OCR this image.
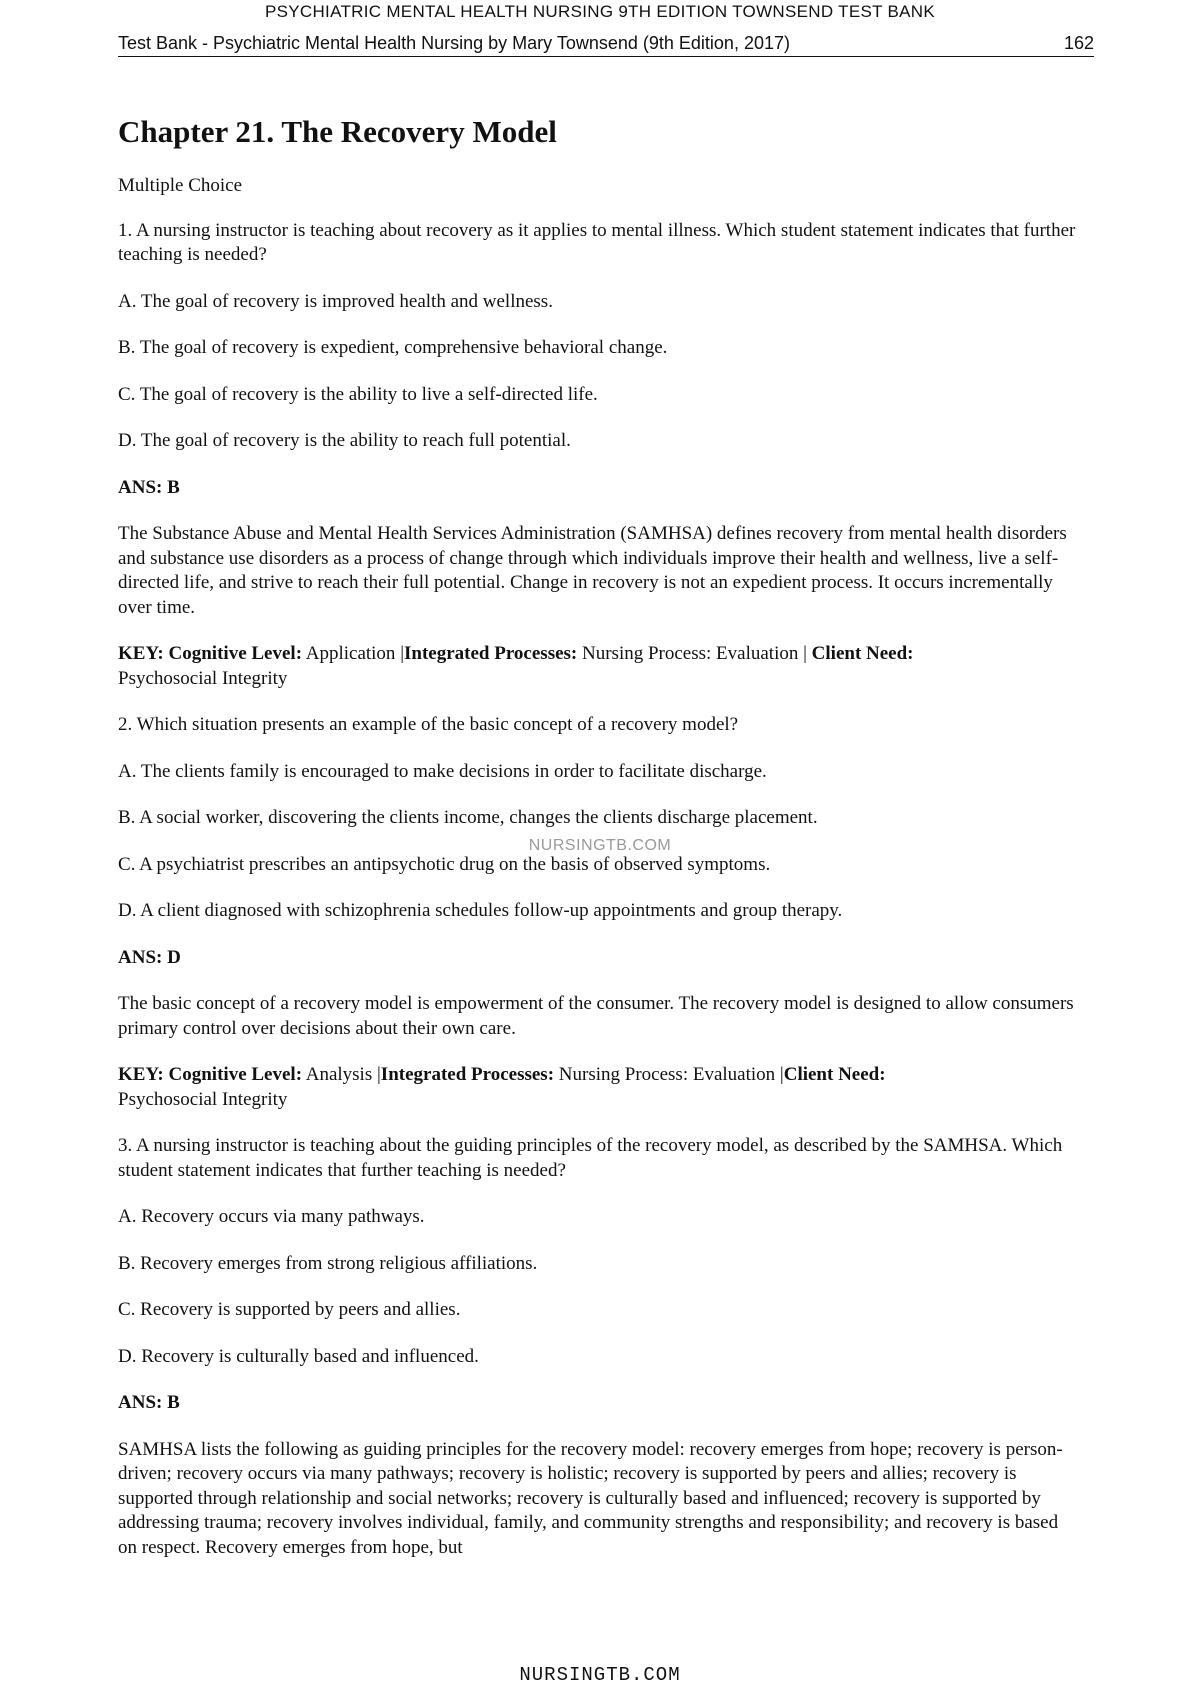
PSYCHIATRIC MENTAL HEALTH NURSING 9TH EDITION TOWNSEND TEST BANK
Test Bank - Psychiatric Mental Health Nursing by Mary Townsend (9th Edition, 2017)	162
Chapter 21. The Recovery Model

Multiple Choice

1. A nursing instructor is teaching about recovery as it applies to mental illness. Which student statement indicates that further teaching is needed?

A. The goal of recovery is improved health and wellness.

B. The goal of recovery is expedient, comprehensive behavioral change.

C. The goal of recovery is the ability to live a self-directed life.

D. The goal of recovery is the ability to reach full potential.

ANS: B

The Substance Abuse and Mental Health Services Administration (SAMHSA) defines recovery from mental health disorders and substance use disorders as a process of change through which individuals improve their health and wellness, live a self-directed life, and strive to reach their full potential. Change in recovery is not an expedient process. It occurs incrementally over time.

KEY: Cognitive Level: Application |Integrated Processes: Nursing Process: Evaluation | Client Need:
Psychosocial Integrity

2. Which situation presents an example of the basic concept of a recovery model?

A. The clients family is encouraged to make decisions in order to facilitate discharge.

B. A social worker, discovering the clients income, changes the clients discharge placement.

C. A psychiatrist prescribes an antipsychotic drug on the basis of observed symptoms.

D. A client diagnosed with schizophrenia schedules follow-up appointments and group therapy.

ANS: D

The basic concept of a recovery model is empowerment of the consumer. The recovery model is designed to allow consumers primary control over decisions about their own care.

KEY: Cognitive Level: Analysis |Integrated Processes: Nursing Process: Evaluation |Client Need:
Psychosocial Integrity

3. A nursing instructor is teaching about the guiding principles of the recovery model, as described by the SAMHSA. Which student statement indicates that further teaching is needed?

A. Recovery occurs via many pathways.

B. Recovery emerges from strong religious affiliations.

C. Recovery is supported by peers and allies.

D. Recovery is culturally based and influenced.

ANS: B

SAMHSA lists the following as guiding principles for the recovery model: recovery emerges from hope; recovery is person-driven; recovery occurs via many pathways; recovery is holistic; recovery is supported by peers and allies; recovery is supported through relationship and social networks; recovery is culturally based and influenced; recovery is supported by addressing trauma; recovery involves individual, family, and community strengths and responsibility; and recovery is based on respect. Recovery emerges from hope, but

NURSINGTB.COM
NURSINGTB.COM
